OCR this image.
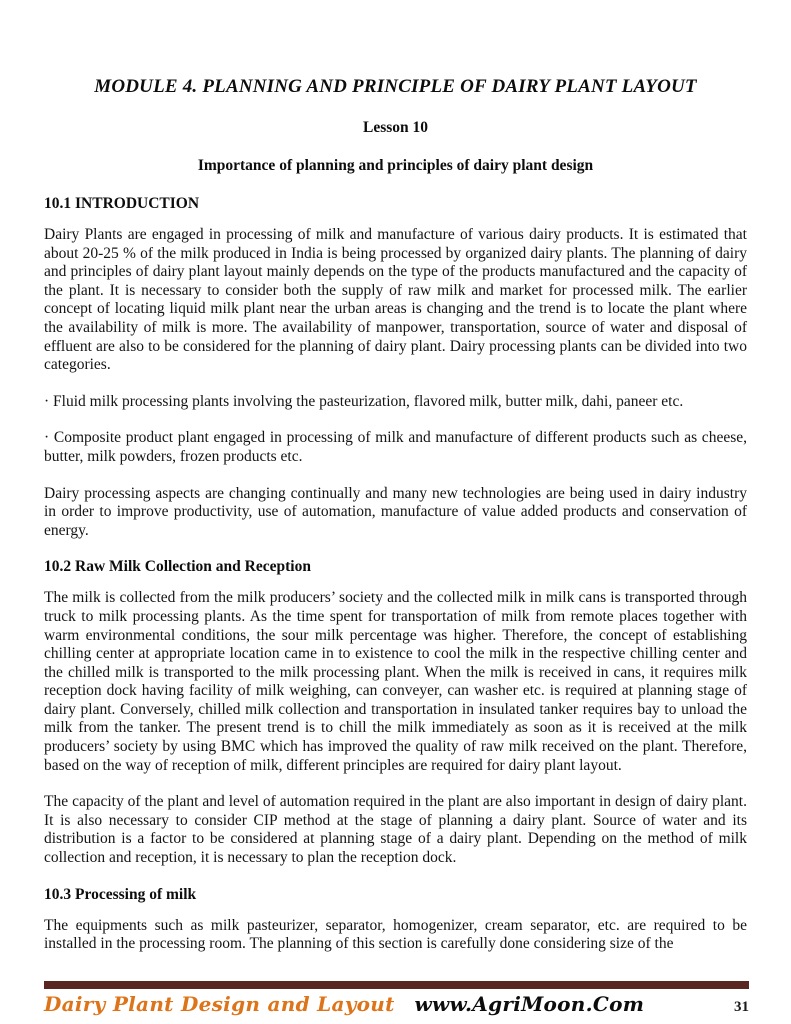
MODULE 4. PLANNING AND PRINCIPLE OF DAIRY PLANT LAYOUT
Lesson 10
Importance of planning and principles of dairy plant design
10.1 INTRODUCTION
Dairy Plants are engaged in processing of milk and manufacture of various dairy products. It is estimated that about 20-25 % of the milk produced in India is being processed by organized dairy plants. The planning of dairy and principles of dairy plant layout mainly depends on the type of the products manufactured and the capacity of the plant. It is necessary to consider both the supply of raw milk and market for processed milk. The earlier concept of locating liquid milk plant near the urban areas is changing and the trend is to locate the plant where the availability of milk is more. The availability of manpower, transportation, source of water and disposal of effluent are also to be considered for the planning of dairy plant. Dairy processing plants can be divided into two categories.
· Fluid milk processing plants involving the pasteurization, flavored milk, butter milk, dahi, paneer etc.
· Composite product plant engaged in processing of milk and manufacture of different products such as cheese, butter, milk powders, frozen products etc.
Dairy processing aspects are changing continually and many new technologies are being used in dairy industry in order to improve productivity, use of automation, manufacture of value added products and conservation of energy.
10.2 Raw Milk Collection and Reception
The milk is collected from the milk producers’ society and the collected milk in milk cans is transported through truck to milk processing plants. As the time spent for transportation of milk from remote places together with warm environmental conditions, the sour milk percentage was higher. Therefore, the concept of establishing chilling center at appropriate location came in to existence to cool the milk in the respective chilling center and the chilled milk is transported to the milk processing plant. When the milk is received in cans, it requires milk reception dock having facility of milk weighing, can conveyer, can washer etc. is required at planning stage of dairy plant. Conversely, chilled milk collection and transportation in insulated tanker requires bay to unload the milk from the tanker. The present trend is to chill the milk immediately as soon as it is received at the milk producers’ society by using BMC which has improved the quality of raw milk received on the plant. Therefore, based on the way of reception of milk, different principles are required for dairy plant layout.
The capacity of the plant and level of automation required in the plant are also important in design of dairy plant. It is also necessary to consider CIP method at the stage of planning a dairy plant. Source of water and its distribution is a factor to be considered at planning stage of a dairy plant. Depending on the method of milk collection and reception, it is necessary to plan the reception dock.
10.3 Processing of milk
The equipments such as milk pasteurizer, separator, homogenizer, cream separator, etc. are required to be installed in the processing room. The planning of this section is carefully done considering size of the
Dairy Plant Design and Layout www.AgriMoon.Com	31
